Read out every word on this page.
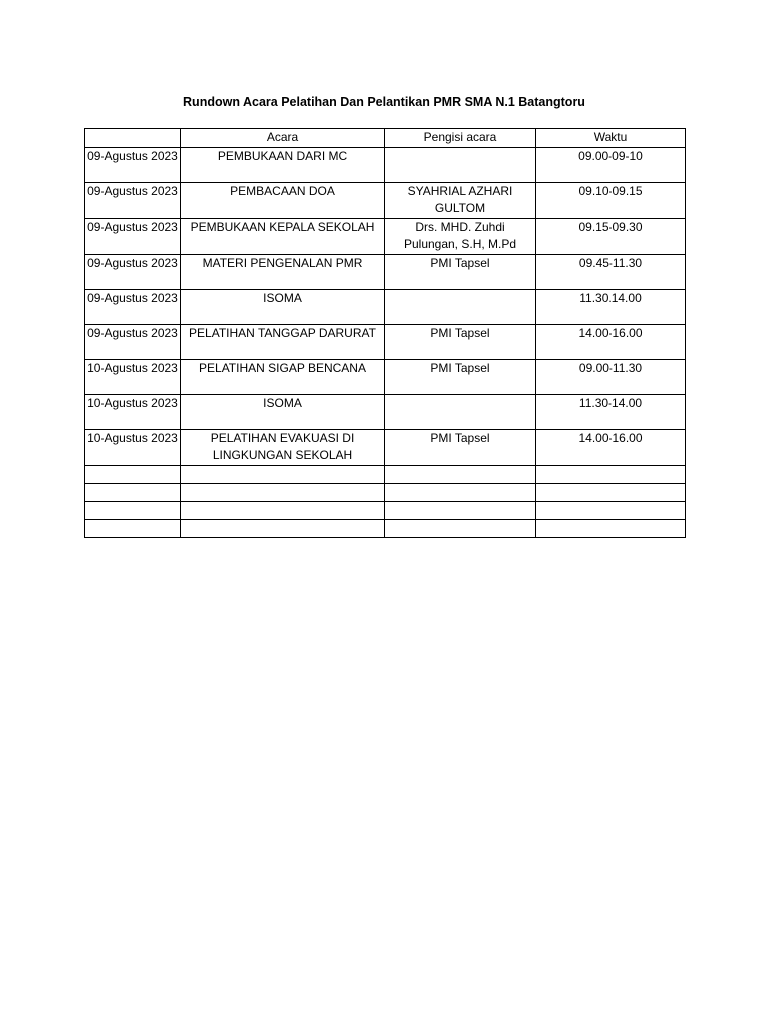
Rundown Acara Pelatihan Dan Pelantikan PMR SMA N.1 Batangtoru
	Acara	Pengisi acara	Waktu
09-Agustus 2023	PEMBUKAAN DARI MC		09.00-09-10
09-Agustus 2023	PEMBACAAN DOA	SYAHRIAL AZHARI GULTOM	09.10-09.15
09-Agustus 2023	PEMBUKAAN KEPALA SEKOLAH	Drs. MHD. Zuhdi Pulungan, S.H, M.Pd	09.15-09.30
09-Agustus 2023	MATERI PENGENALAN PMR	PMI Tapsel	09.45-11.30
09-Agustus 2023	ISOMA		11.30.14.00
09-Agustus 2023	PELATIHAN TANGGAP DARURAT	PMI Tapsel	14.00-16.00
10-Agustus 2023	PELATIHAN SIGAP BENCANA	PMI Tapsel	09.00-11.30
10-Agustus 2023	ISOMA		11.30-14.00
10-Agustus 2023	PELATIHAN EVAKUASI DI LINGKUNGAN SEKOLAH	PMI Tapsel	14.00-16.00
